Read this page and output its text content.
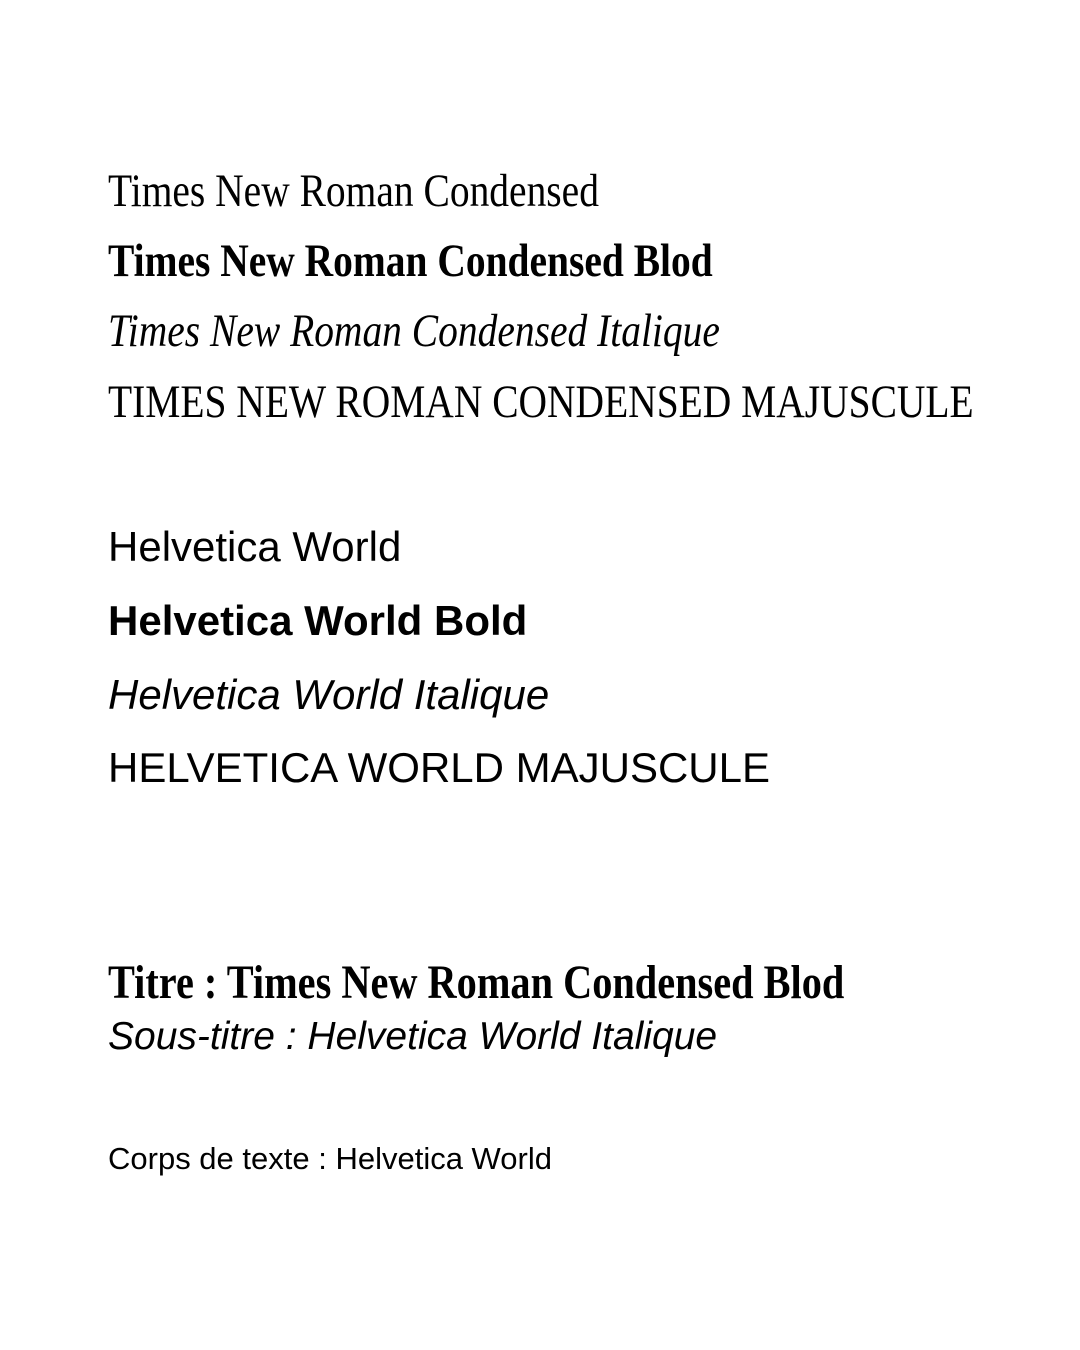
Times New Roman Condensed

Times New Roman Condensed Blod

Times New Roman Condensed Italique

TIMES NEW ROMAN CONDENSED MAJUSCULE

Helvetica World

Helvetica World Bold

Helvetica World Italique

HELVETICA WORLD MAJUSCULE

Titre : Times New Roman Condensed Blod

Sous-titre : Helvetica World Italique

Corps de texte : Helvetica World
